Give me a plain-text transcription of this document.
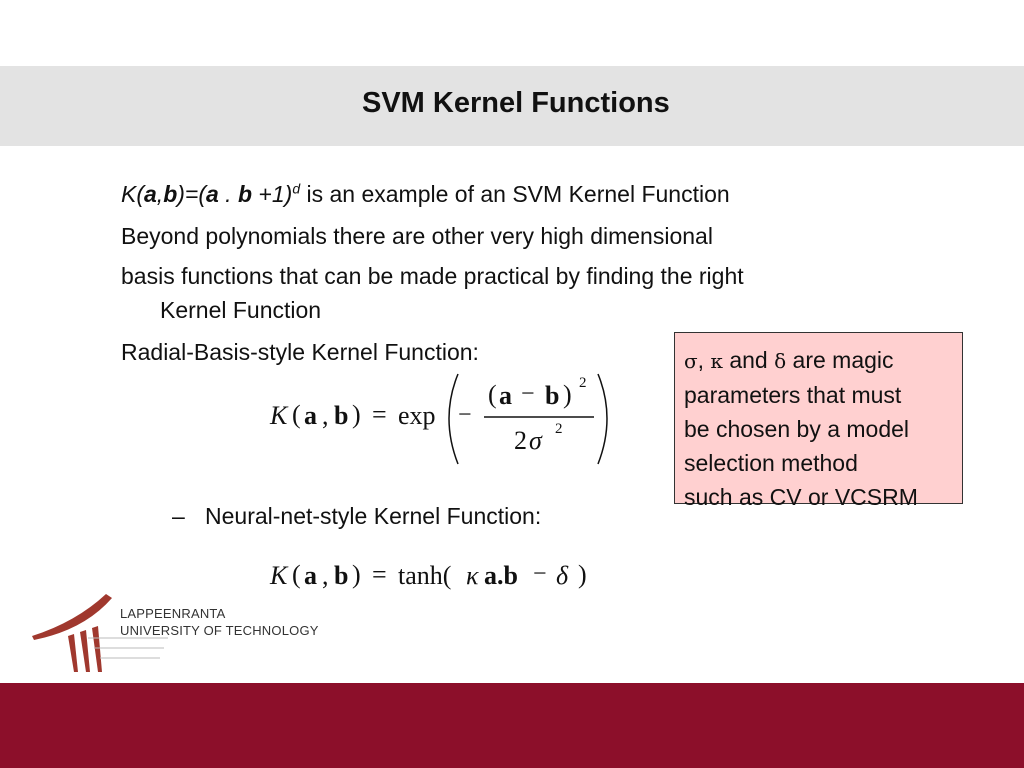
SVM Kernel Functions
K(a,b)=(a . b +1)$^d$ is an example of an SVM Kernel Function
Beyond polynomials there are other very high dimensional
basis functions that can be made practical by finding the right
Kernel Function
Radial-Basis-style Kernel Function:
K ( a , b ) = exp −
( a − b ) 2
2 σ 2
– Neural-net-style Kernel Function:
K ( a , b ) = tanh( κ a.b − δ )
σ, κ and δ are magic
parameters that must
be chosen by a model
selection method
such as CV or VCSRM
LAPPEENRANTA
UNIVERSITY OF TECHNOLOGY
